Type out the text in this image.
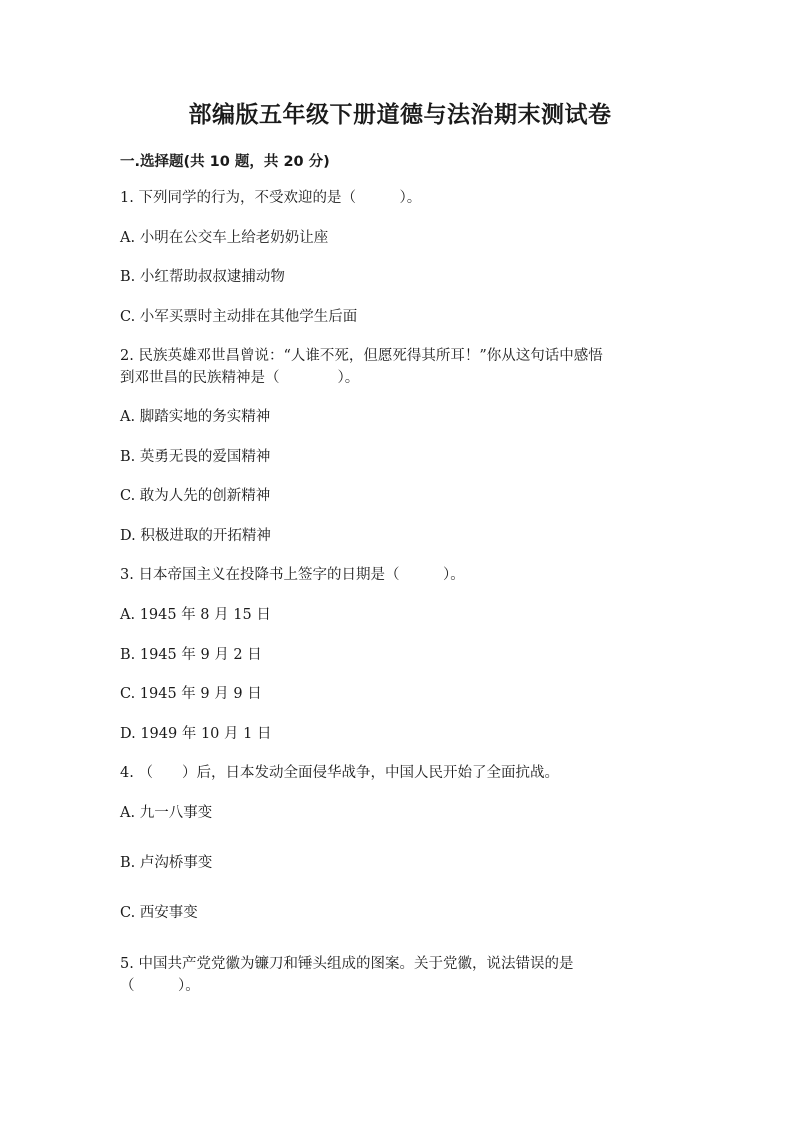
部编版五年级下册道德与法治期末测试卷
一.选择题(共 10 题，共 20 分)
1. 下列同学的行为，不受欢迎的是（　　　）。
A. 小明在公交车上给老奶奶让座
B. 小红帮助叔叔逮捕动物
C. 小军买票时主动排在其他学生后面
2. 民族英雄邓世昌曾说：“人谁不死，但愿死得其所耳！”你从这句话中感悟
到邓世昌的民族精神是（　　　　）。
A. 脚踏实地的务实精神
B. 英勇无畏的爱国精神
C. 敢为人先的创新精神
D. 积极进取的开拓精神
3. 日本帝国主义在投降书上签字的日期是（　　　）。
A. 1945 年 8 月 15 日
B. 1945 年 9 月 2 日
C. 1945 年 9 月 9 日
D. 1949 年 10 月 1 日
4. （　　）后，日本发动全面侵华战争，中国人民开始了全面抗战。
A. 九一八事变
B. 卢沟桥事变
C. 西安事变
5. 中国共产党党徽为镰刀和锤头组成的图案。关于党徽，说法错误的是
（　　　）。
